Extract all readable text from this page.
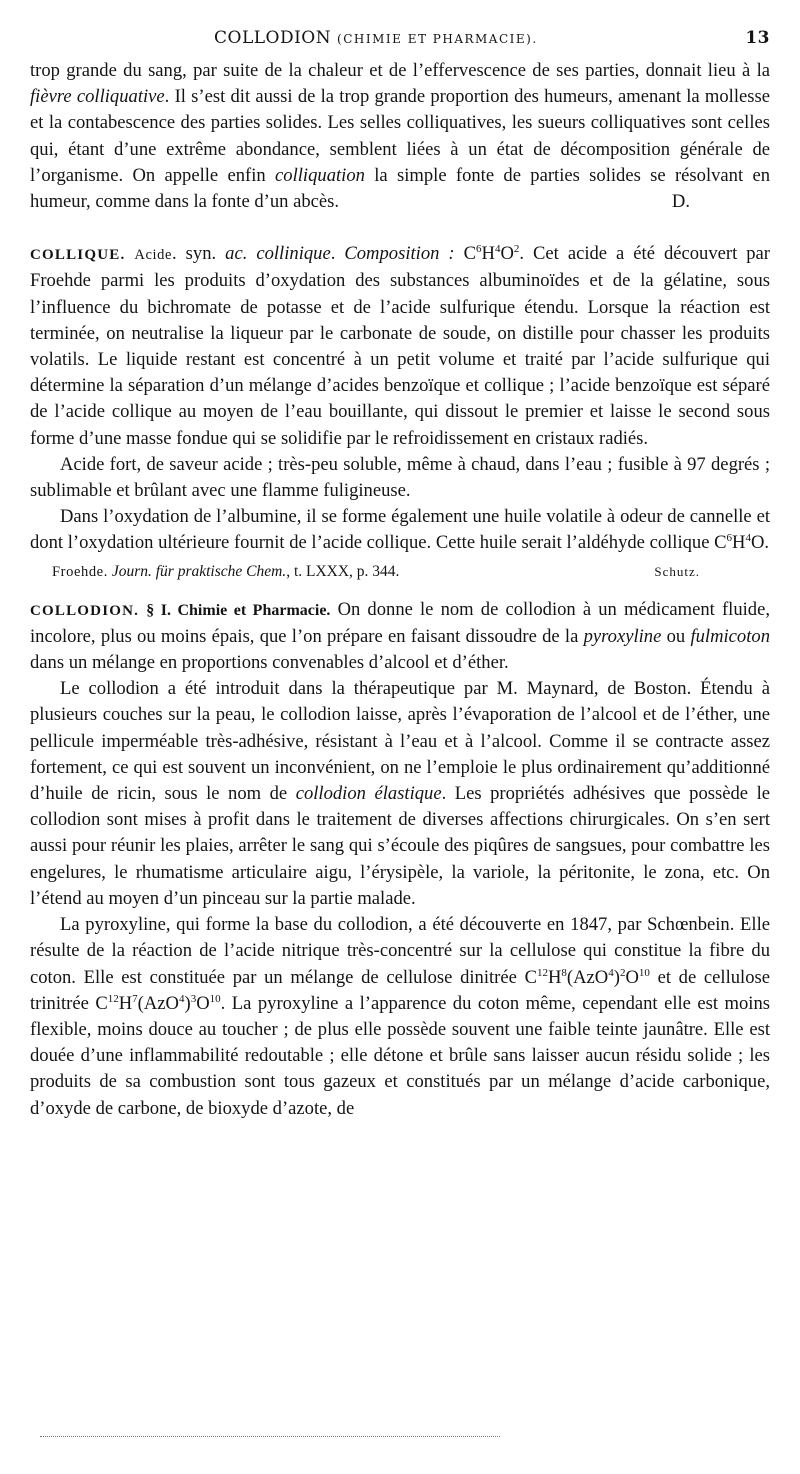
COLLODION (CHIMIE ET PHARMACIE).	13

trop grande du sang, par suite de la chaleur et de l’effervescence de ses parties, donnait lieu à la fièvre colliquative. Il s’est dit aussi de la trop grande proportion des humeurs, amenant la mollesse et la contabescence des parties solides. Les selles colliquatives, les sueurs colliquatives sont celles qui, étant d’une extrême abondance, semblent liées à un état de décomposition générale de l’organisme. On appelle enfin colliquation la simple fonte de parties solides se résolvant en humeur, comme dans la fonte d’un abcès.	D.

COLLIQUE. Acide. syn. ac. collinique. Composition : $C^6H^4O^2$. Cet acide a été découvert par Froehde parmi les produits d’oxydation des substances albuminoïdes et de la gélatine, sous l’influence du bichromate de potasse et de l’acide sulfurique étendu. Lorsque la réaction est terminée, on neutralise la liqueur par le carbonate de soude, on distille pour chasser les produits volatils. Le liquide restant est concentré à un petit volume et traité par l’acide sulfurique qui détermine la séparation d’un mélange d’acides benzoïque et collique ; l’acide benzoïque est séparé de l’acide collique au moyen de l’eau bouillante, qui dissout le premier et laisse le second sous forme d’une masse fondue qui se solidifie par le refroidissement en cristaux radiés.

Acide fort, de saveur acide ; très-peu soluble, même à chaud, dans l’eau ; fusible à 97 degrés ; sublimable et brûlant avec une flamme fuligineuse.

Dans l’oxydation de l’albumine, il se forme également une huile volatile à odeur de cannelle et dont l’oxydation ultérieure fournit de l’acide collique. Cette huile serait l’aldéhyde collique $C^6H^4O$.

Froehde. Journ. für praktische Chem., t. LXXX, p. 344.	Schutz.

COLLODION. § I. Chimie et Pharmacie. On donne le nom de collodion à un médicament fluide, incolore, plus ou moins épais, que l’on prépare en faisant dissoudre de la pyroxyline ou fulmicoton dans un mélange en proportions convenables d’alcool et d’éther.

Le collodion a été introduit dans la thérapeutique par M. Maynard, de Boston. Étendu à plusieurs couches sur la peau, le collodion laisse, après l’évaporation de l’alcool et de l’éther, une pellicule imperméable très-adhésive, résistant à l’eau et à l’alcool. Comme il se contracte assez fortement, ce qui est souvent un inconvénient, on ne l’emploie le plus ordinairement qu’additionné d’huile de ricin, sous le nom de collodion élastique. Les propriétés adhésives que possède le collodion sont mises à profit dans le traitement de diverses affections chirurgicales. On s’en sert aussi pour réunir les plaies, arrêter le sang qui s’écoule des piqûres de sangsues, pour combattre les engelures, le rhumatisme articulaire aigu, l’érysipèle, la variole, la péritonite, le zona, etc. On l’étend au moyen d’un pinceau sur la partie malade.

La pyroxyline, qui forme la base du collodion, a été découverte en 1847, par Schœnbein. Elle résulte de la réaction de l’acide nitrique très-concentré sur la cellulose qui constitue la fibre du coton. Elle est constituée par un mélange de cellulose dinitrée $C^{12}H^8(AzO^4)^2O^{10}$ et de cellulose trinitrée $C^{12}H^7(AzO^4)^3O^{10}$. La pyroxyline a l’apparence du coton même, cependant elle est moins flexible, moins douce au toucher ; de plus elle possède souvent une faible teinte jaunâtre. Elle est douée d’une inflammabilité redoutable ; elle détone et brûle sans laisser aucun résidu solide ; les produits de sa combustion sont tous gazeux et constitués par un mélange d’acide carbonique, d’oxyde de carbone, de bioxyde d’azote, de
